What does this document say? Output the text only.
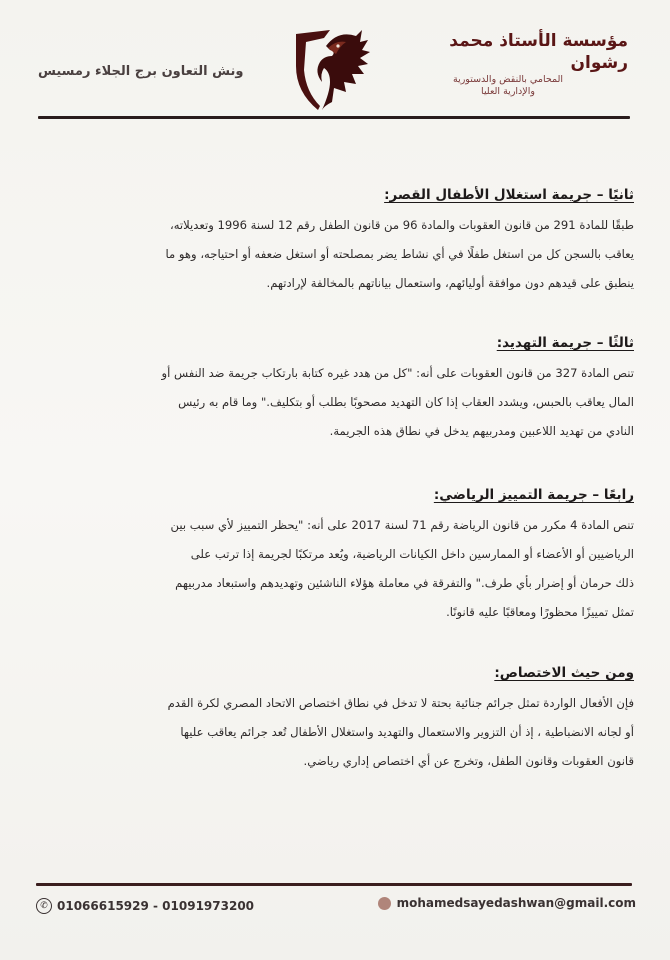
ونش التعاون برج الجلاء رمسيس
مؤسسة الأستاذ محمد رشوان
المحامي بالنقض والدستورية
والإدارية العليا
ثانيًا – جريمة استغلال الأطفال القصر:
طبقًا للمادة 291 من قانون العقوبات والمادة 96 من قانون الطفل رقم 12 لسنة 1996 وتعديلاته،
يعاقب بالسجن كل من استغل طفلًا في أي نشاط يضر بمصلحته أو استغل ضعفه أو احتياجه، وهو ما
ينطبق على قيدهم دون موافقة أوليائهم، واستعمال بياناتهم بالمخالفة لإرادتهم.
ثالثًا – جريمة التهديد:
تنص المادة 327 من قانون العقوبات على أنه: "كل من هدد غيره كتابة بارتكاب جريمة ضد النفس أو
المال يعاقب بالحبس، ويشدد العقاب إذا كان التهديد مصحوبًا بطلب أو بتكليف." وما قام به رئيس
النادي من تهديد اللاعبين ومدربيهم يدخل في نطاق هذه الجريمة.
رابعًا – جريمة التمييز الرياضي:
تنص المادة 4 مكرر من قانون الرياضة رقم 71 لسنة 2017 على أنه: "يحظر التمييز لأي سبب بين
الرياضيين أو الأعضاء أو الممارسين داخل الكيانات الرياضية، ويُعد مرتكبًا لجريمة إذا ترتب على
ذلك حرمان أو إضرار بأي طرف." والتفرقة في معاملة هؤلاء الناشئين وتهديدهم واستبعاد مدربيهم
تمثل تمييزًا محظورًا ومعاقبًا عليه قانونًا.
ومن حيث الاختصاص:
فإن الأفعال الواردة تمثل جرائم جنائية بحتة لا تدخل في نطاق اختصاص الاتحاد المصري لكرة القدم
أو لجانه الانضباطية ، إذ أن التزوير والاستعمال والتهديد واستغلال الأطفال تُعد جرائم يعاقب عليها
قانون العقوبات وقانون الطفل، وتخرج عن أي اختصاص إداري رياضي.
✆ 01066615929 - 01091973200	mohamedsayedashwan@gmail.com
